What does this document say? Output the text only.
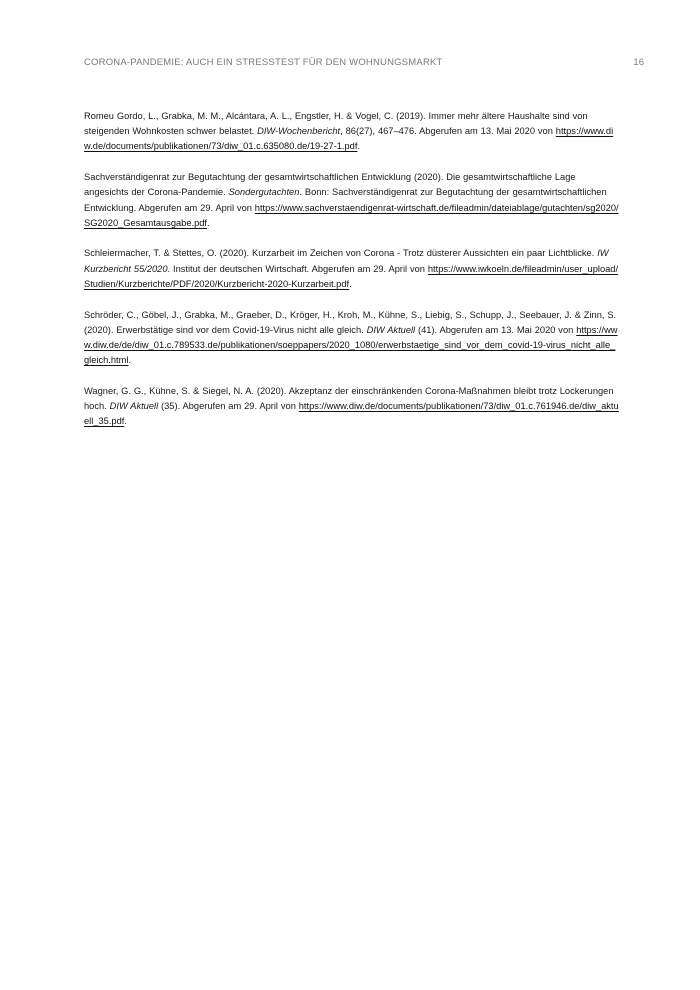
CORONA-PANDEMIE: AUCH EIN STRESSTEST FÜR DEN WOHNUNGSMARKT	16

Romeu Gordo, L., Grabka, M. M., Alcántara, A. L., Engstler, H. & Vogel, C. (2019). Immer mehr ältere Haushalte sind von steigenden Wohnkosten schwer belastet. DIW-Wochenbericht, 86(27), 467–476. Abgerufen am 13. Mai 2020 von https://www.diw.de/documents/publikationen/73/diw_01.c.635080.de/19-27-1.pdf.

Sachverständigenrat zur Begutachtung der gesamtwirtschaftlichen Entwicklung (2020). Die gesamtwirtschaftliche Lage angesichts der Corona-Pandemie. Sondergutachten. Bonn: Sachverständigenrat zur Begutachtung der gesamtwirtschaftlichen Entwicklung. Abgerufen am 29. April von https://www.sachverstaendigenrat-wirtschaft.de/fileadmin/dateiablage/gutachten/sg2020/SG2020_Gesamtausgabe.pdf.

Schleiermacher, T. & Stettes, O. (2020). Kurzarbeit im Zeichen von Corona - Trotz düsterer Aussichten ein paar Lichtblicke. IW Kurzbericht 55/2020. Institut der deutschen Wirtschaft. Abgerufen am 29. April von https://www.iwkoeln.de/fileadmin/user_upload/Studien/Kurzberichte/PDF/2020/Kurzbericht-2020-Kurzarbeit.pdf.

Schröder, C., Göbel, J., Grabka, M., Graeber, D., Kröger, H., Kroh, M., Kühne, S., Liebig, S., Schupp, J., Seebauer, J. & Zinn, S. (2020). Erwerbstätige sind vor dem Covid-19-Virus nicht alle gleich. DIW Aktuell (41). Abgerufen am 13. Mai 2020 von https://www.diw.de/de/diw_01.c.789533.de/publikationen/soeppapers/2020_1080/erwerbstaetige_sind_vor_dem_covid-19-virus_nicht_alle_gleich.html.

Wagner, G. G., Kühne, S. & Siegel, N. A. (2020). Akzeptanz der einschränkenden Corona-Maßnahmen bleibt trotz Lockerungen hoch. DIW Aktuell (35). Abgerufen am 29. April von https://www.diw.de/documents/publikationen/73/diw_01.c.761946.de/diw_aktuell_35.pdf.
